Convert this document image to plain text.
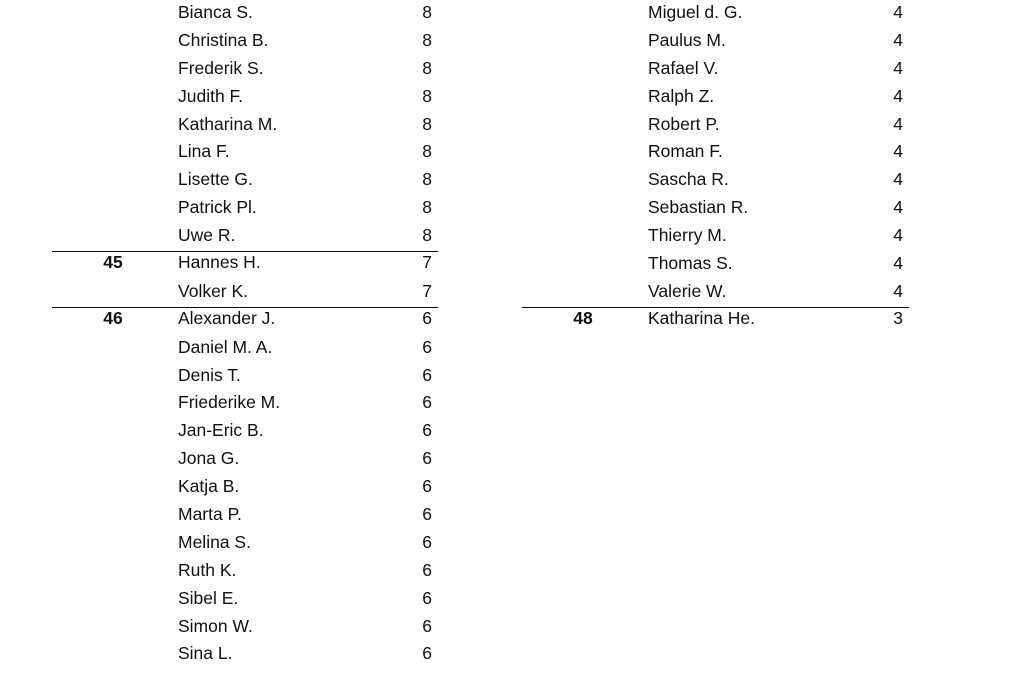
Bianca S.	8
Christina B.	8
Frederik S.	8
Judith F.	8
Katharina M.	8
Lina F.	8
Lisette G.	8
Patrick Pl.	8
Uwe R.	8
45	Hannes H.	7
Volker K.	7
46	Alexander J.	6
Daniel M. A.	6
Denis T.	6
Friederike M.	6
Jan-Eric B.	6
Jona G.	6
Katja B.	6
Marta P.	6
Melina S.	6
Ruth K.	6
Sibel E.	6
Simon W.	6
Sina L.	6
Miguel d. G.	4
Paulus M.	4
Rafael V.	4
Ralph Z.	4
Robert P.	4
Roman F.	4
Sascha R.	4
Sebastian R.	4
Thierry M.	4
Thomas S.	4
Valerie W.	4
48	Katharina He.	3
